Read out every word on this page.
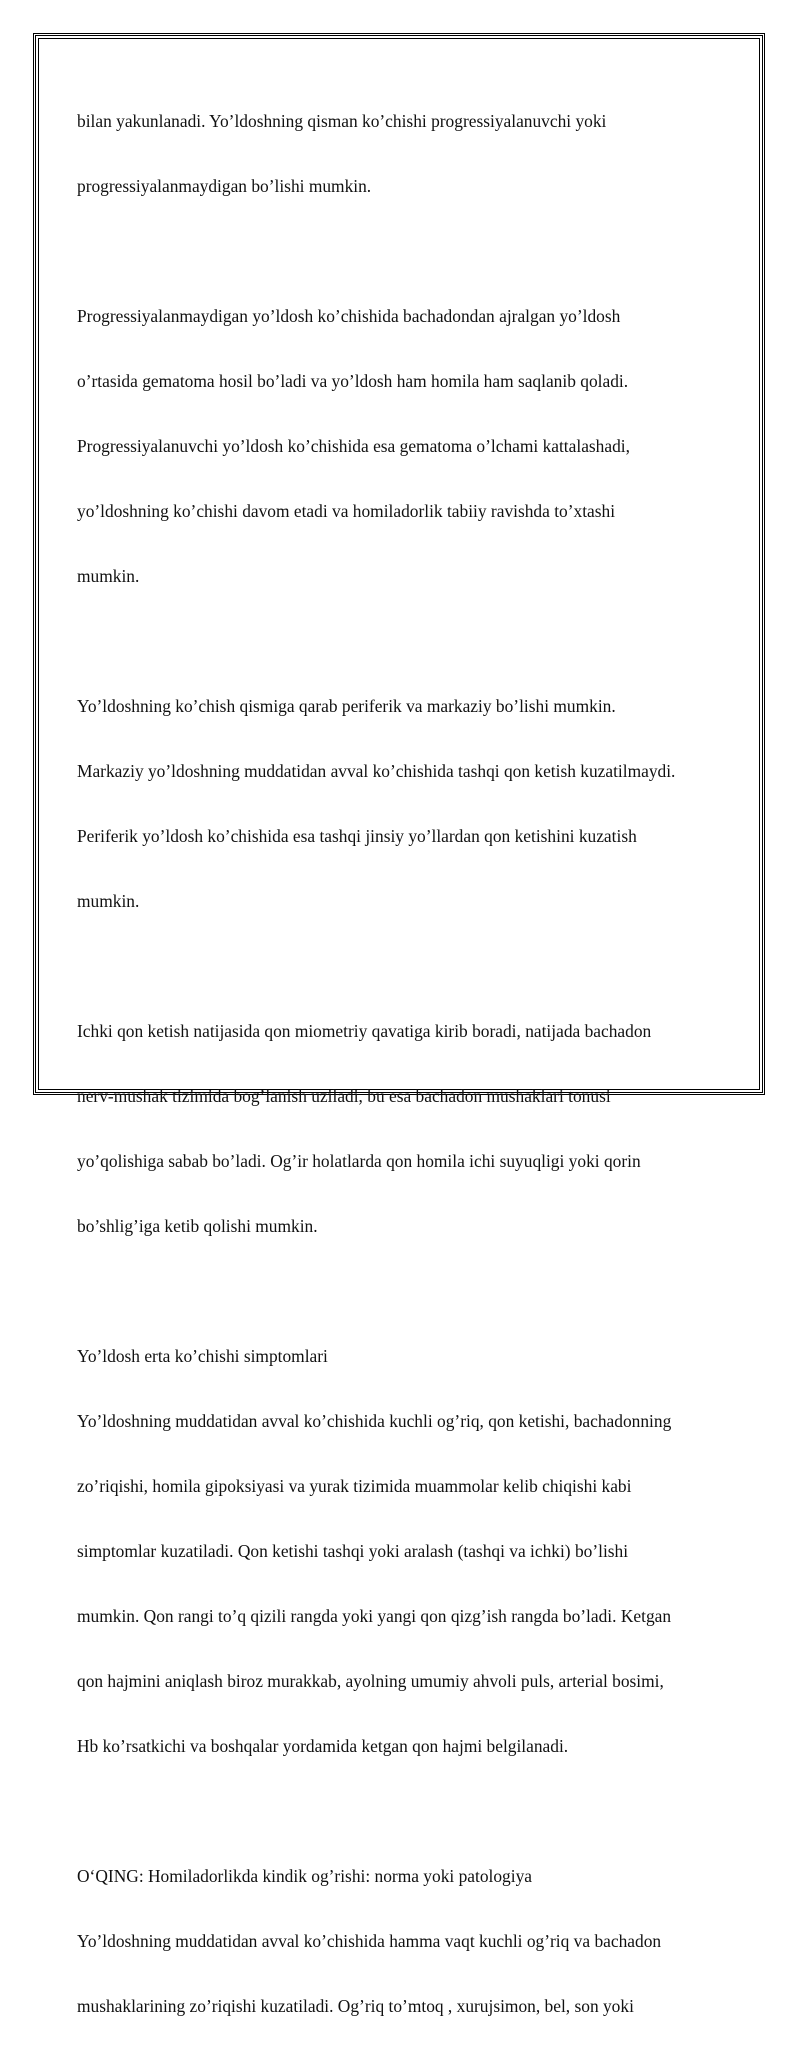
bilan yakunlanadi. Yo’ldoshning qisman ko’chishi progressiyalanuvchi yoki

progressiyalanmaydigan bo’lishi mumkin.

Progressiyalanmaydigan yo’ldosh ko’chishida bachadondan ajralgan yo’ldosh

o’rtasida gematoma hosil bo’ladi va yo’ldosh ham homila ham saqlanib qoladi.

Progressiyalanuvchi yo’ldosh ko’chishida esa gematoma o’lchami kattalashadi,

yo’ldoshning ko’chishi davom etadi va homiladorlik tabiiy ravishda to’xtashi

mumkin.

Yo’ldoshning ko’chish qismiga qarab periferik va markaziy bo’lishi mumkin.

Markaziy yo’ldoshning muddatidan avval ko’chishida tashqi qon ketish kuzatilmaydi.

Periferik yo’ldosh ko’chishida esa tashqi jinsiy yo’llardan qon ketishini kuzatish

mumkin.

Ichki qon ketish natijasida qon miometriy qavatiga kirib boradi, natijada bachadon

nerv-mushak tizimida bog’lanish uziladi, bu esa bachadon mushaklari tonusi

yo’qolishiga sabab bo’ladi. Og’ir holatlarda qon homila ichi suyuqligi yoki qorin

bo’shlig’iga ketib qolishi mumkin.

Yo’ldosh erta ko’chishi simptomlari

Yo’ldoshning muddatidan avval ko’chishida kuchli og’riq, qon ketishi, bachadonning

zo’riqishi, homila gipoksiyasi va yurak tizimida muammolar kelib chiqishi kabi

simptomlar kuzatiladi. Qon ketishi tashqi yoki aralash (tashqi va ichki) bo’lishi

mumkin. Qon rangi to’q qizili rangda yoki yangi qon qizg’ish rangda bo’ladi. Ketgan

qon hajmini aniqlash biroz murakkab, ayolning umumiy ahvoli puls, arterial bosimi,

Hb ko’rsatkichi va boshqalar yordamida ketgan qon hajmi belgilanadi.

O‘QING: Homiladorlikda kindik og’rishi: norma yoki patologiya

Yo’ldoshning muddatidan avval ko’chishida hamma vaqt kuchli og’riq va bachadon

mushaklarining zo’riqishi kuzatiladi. Og’riq to’mtoq , xurujsimon, bel, son yoki
